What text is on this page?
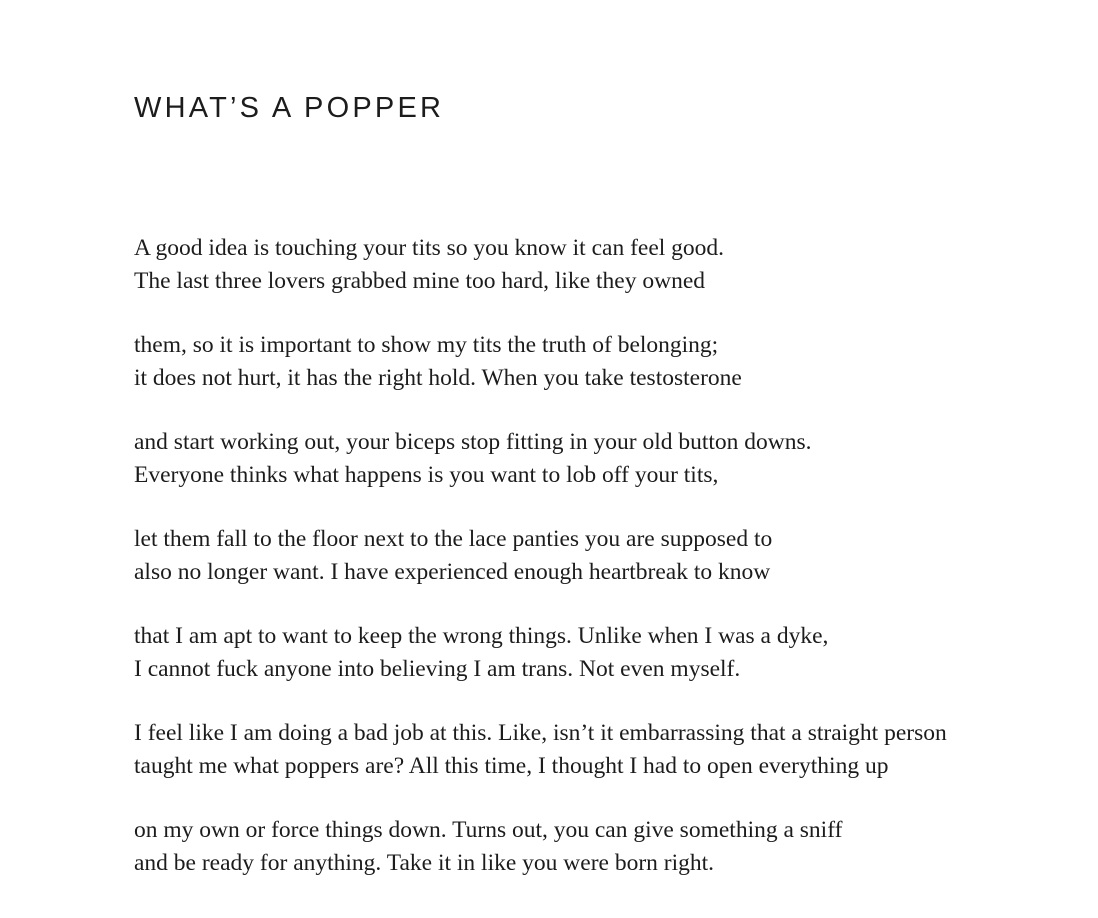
WHAT’S A POPPER
A good idea is touching your tits so you know it can feel good.
The last three lovers grabbed mine too hard, like they owned
them, so it is important to show my tits the truth of belonging;
it does not hurt, it has the right hold. When you take testosterone
and start working out, your biceps stop fitting in your old button downs.
Everyone thinks what happens is you want to lob off your tits,
let them fall to the floor next to the lace panties you are supposed to
also no longer want. I have experienced enough heartbreak to know
that I am apt to want to keep the wrong things. Unlike when I was a dyke,
I cannot fuck anyone into believing I am trans. Not even myself.
I feel like I am doing a bad job at this. Like, isn’t it embarrassing that a straight person
taught me what poppers are? All this time, I thought I had to open everything up
on my own or force things down. Turns out, you can give something a sniff
and be ready for anything. Take it in like you were born right.
